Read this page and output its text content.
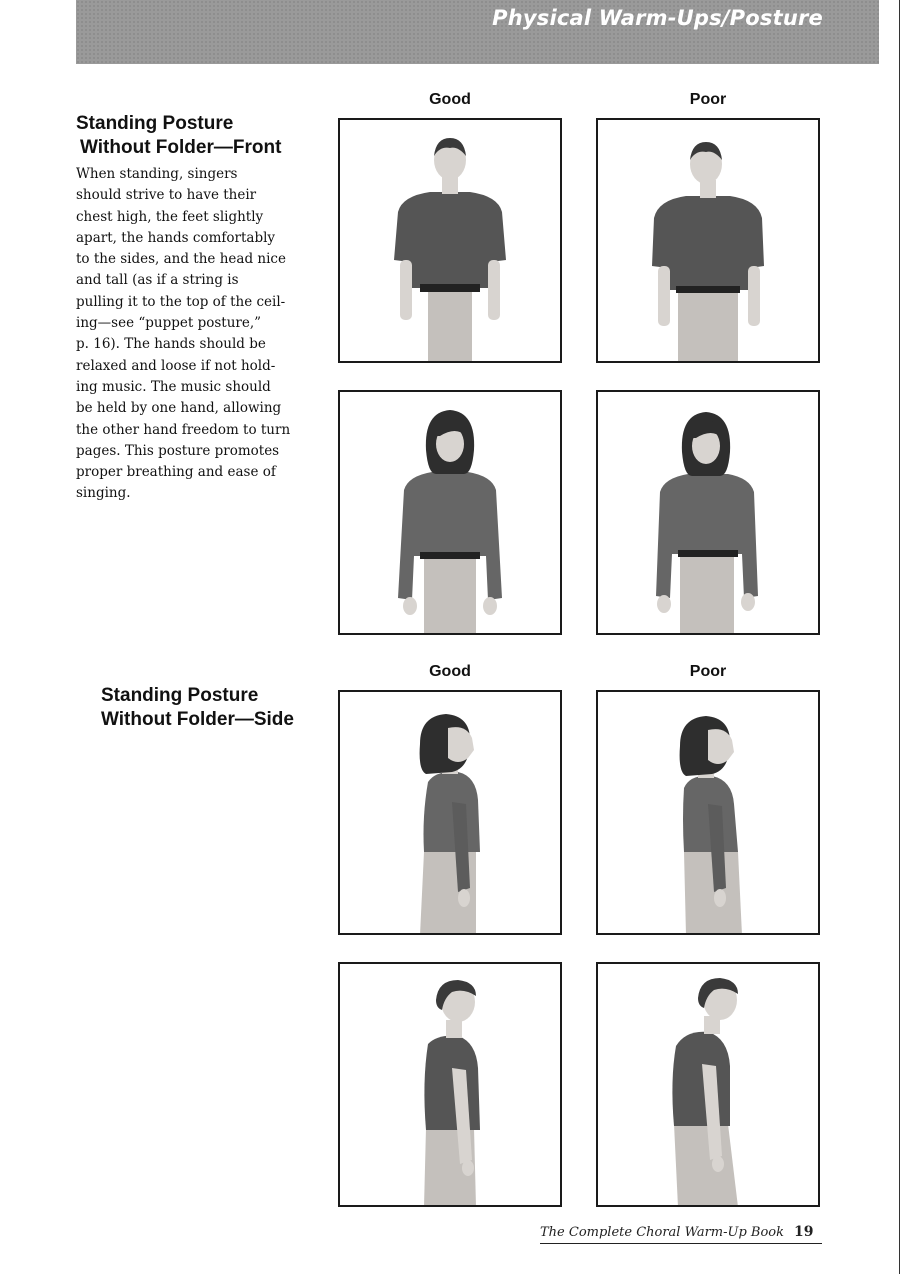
Physical Warm-Ups/Posture
Standing Posture
Without Folder—Front
When standing, singers
should strive to have their
chest high, the feet slightly
apart, the hands comfortably
to the sides, and the head nice
and tall (as if a string is
pulling it to the top of the ceil-
ing—see “puppet posture,”
p. 16). The hands should be
relaxed and loose if not hold-
ing music. The music should
be held by one hand, allowing
the other hand freedom to turn
pages. This posture promotes
proper breathing and ease of
singing.
Good	Poor
Standing Posture
Without Folder—Side
Good	Poor
The Complete Choral Warm-Up Book 19
